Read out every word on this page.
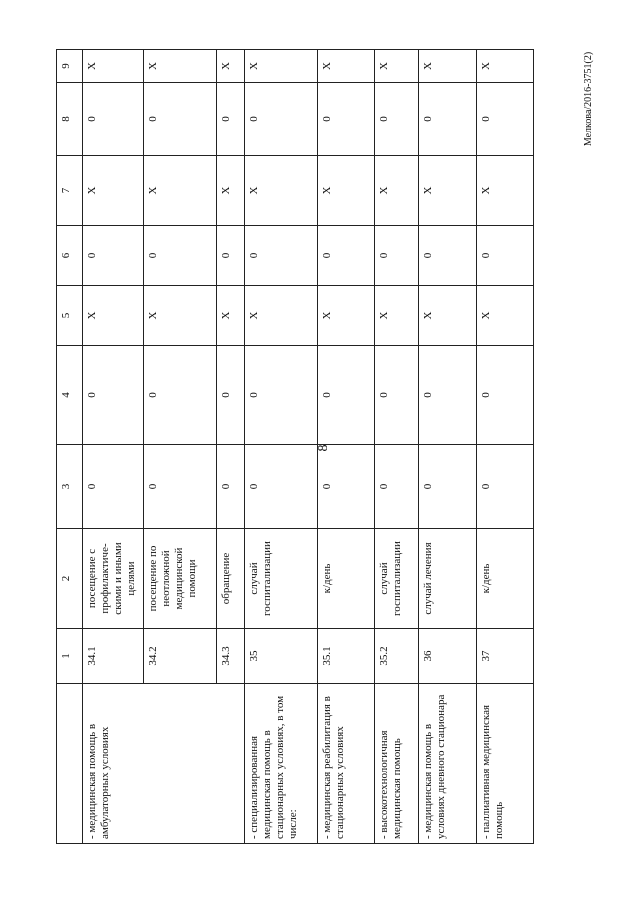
8
Мелкова/2016-3751(2)
	1	2	3	4	5	6	7	8	9
- медицинская помощь в амбулаторных условиях	34.1	посещение с профилактиче-скими и иными целями	0	0	X	0	X	0	X
	34.2	посещение по неотложной медицинской помощи	0	0	X	0	X	0	X
	34.3	обращение	0	0	X	0	X	0	X
- специализированная медицинская помощь в стационарных условиях, в том числе:	35	случай госпитализации	0	0	X	0	X	0	X
- медицинская реабилитация в стационарных условиях	35.1	к/день	0	0	X	0	X	0	X
- высокотехнологичная медицинская помощь	35.2	случай госпитализации	0	0	X	0	X	0	X
- медицинская помощь в условиях дневного стационара	36	случай лечения	0	0	X	0	X	0	X
- паллиативная медицинская помощь	37	к/день	0	0	X	0	X	0	X
